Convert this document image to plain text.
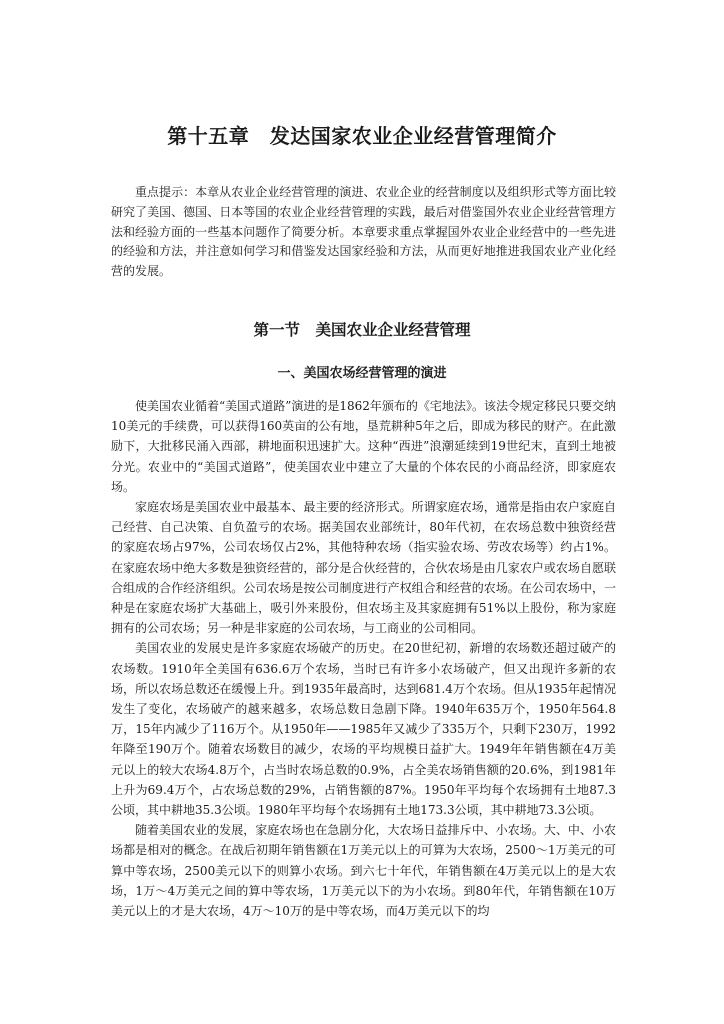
第十五章　发达国家农业企业经营管理简介

重点提示：本章从农业企业经营管理的演进、农业企业的经营制度以及组织形式等方面比较研究了美国、德国、日本等国的农业企业经营管理的实践，最后对借鉴国外农业企业经营管理方法和经验方面的一些基本问题作了简要分析。本章要求重点掌握国外农业企业经营中的一些先进的经验和方法，并注意如何学习和借鉴发达国家经验和方法，从而更好地推进我国农业产业化经营的发展。

第一节　美国农业企业经营管理
一、美国农场经营管理的演进

使美国农业循着“美国式道路”演进的是1862年颁布的《宅地法》。该法令规定移民只要交纳10美元的手续费，可以获得160英亩的公有地，垦荒耕种5年之后，即成为移民的财产。在此激励下，大批移民涌入西部，耕地面积迅速扩大。这种“西进”浪潮延续到19世纪末，直到土地被分光。农业中的“美国式道路”，使美国农业中建立了大量的个体农民的小商品经济，即家庭农场。

家庭农场是美国农业中最基本、最主要的经济形式。所谓家庭农场，通常是指由农户家庭自己经营、自己决策、自负盈亏的农场。据美国农业部统计，80年代初，在农场总数中独资经营的家庭农场占97%，公司农场仅占2%，其他特种农场（指实验农场、劳改农场等）约占1%。在家庭农场中绝大多数是独资经营的，部分是合伙经营的，合伙农场是由几家农户或农场自愿联合组成的合作经济组织。公司农场是按公司制度进行产权组合和经营的农场。在公司农场中，一种是在家庭农场扩大基础上，吸引外来股份，但农场主及其家庭拥有51%以上股份，称为家庭拥有的公司农场；另一种是非家庭的公司农场，与工商业的公司相同。

美国农业的发展史是许多家庭农场破产的历史。在20世纪初，新增的农场数还超过破产的农场数。1910年全美国有636.6万个农场，当时已有许多小农场破产，但又出现许多新的农场，所以农场总数还在缓慢上升。到1935年最高时，达到681.4万个农场。但从1935年起情况发生了变化，农场破产的越来越多，农场总数日急剧下降。1940年635万个，1950年564.8万，15年内减少了116万个。从1950年——1985年又减少了335万个，只剩下230万，1992年降至190万个。随着农场数目的减少，农场的平均规模日益扩大。1949年年销售额在4万美元以上的较大农场4.8万个，占当时农场总数的0.9%，占全美农场销售额的20.6%，到1981年上升为69.4万个，占农场总数的29%，占销售额的87%。1950年平均每个农场拥有土地87.3公顷，其中耕地35.3公顷。1980年平均每个农场拥有土地173.3公顷，其中耕地73.3公顷。

随着美国农业的发展，家庭农场也在急剧分化，大农场日益排斥中、小农场。大、中、小农场都是相对的概念。在战后初期年销售额在1万美元以上的可算为大农场，2500～1万美元的可算中等农场，2500美元以下的则算小农场。到六七十年代，年销售额在4万美元以上的是大农场，1万～4万美元之间的算中等农场，1万美元以下的为小农场。到80年代，年销售额在10万美元以上的才是大农场，4万～10万的是中等农场，而4万美元以下的均
